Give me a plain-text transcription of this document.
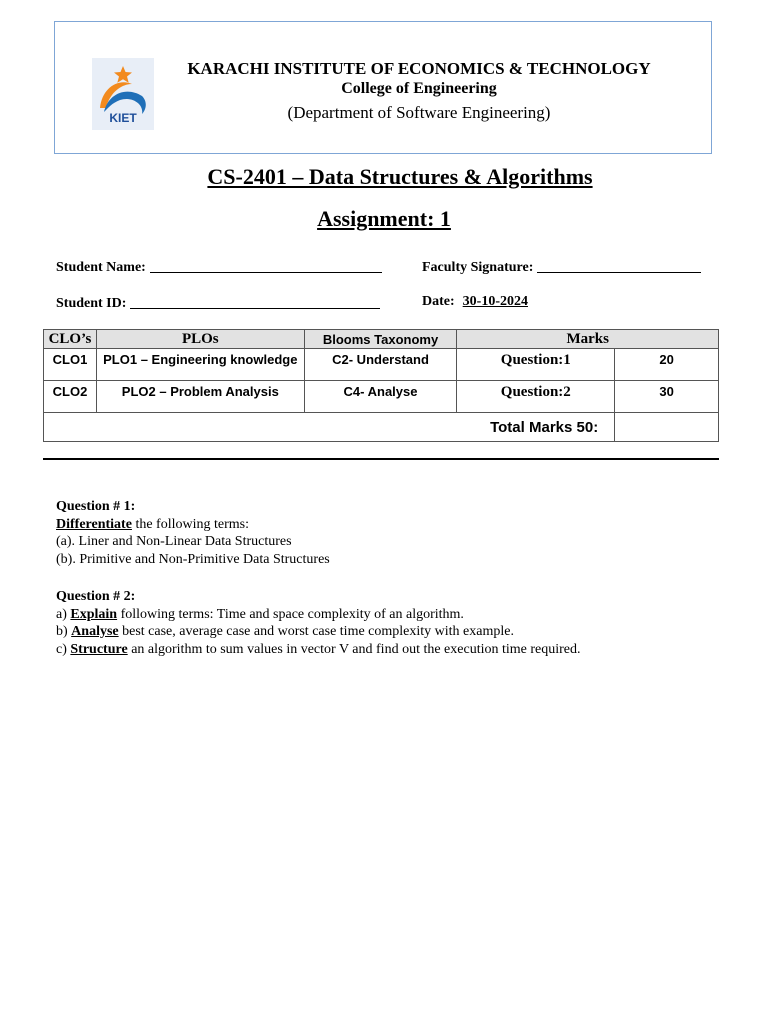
KIET
KARACHI INSTITUTE OF ECONOMICS & TECHNOLOGY
College of Engineering
(Department of Software Engineering)
CS-2401 – Data Structures & Algorithms
Assignment: 1
Student Name:	Faculty Signature:
Student ID:	Date: 30-10-2024
CLO’s	PLOs	Blooms Taxonomy	Marks	
CLO1	PLO1 – Engineering knowledge	C2- Understand	Question:1	20
CLO2	PLO2 – Problem Analysis	C4- Analyse	Question:2	30
Total Marks 50:				
Question # 1:
Differentiate the following terms:
(a). Liner and Non-Linear Data Structures
(b). Primitive and Non-Primitive Data Structures
Question # 2:
a) Explain following terms: Time and space complexity of an algorithm.
b) Analyse best case, average case and worst case time complexity with example.
c) Structure an algorithm to sum values in vector V and find out the execution time required.
